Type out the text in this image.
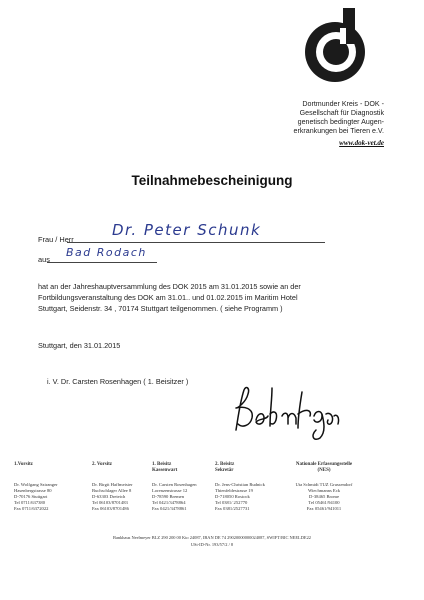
Dortmunder Kreis - DOK -
Gesellschaft für Diagnostik
genetisch bedingter Augen-
erkrankungen bei Tieren e.V.
www.dok-vet.de
Teilnahmebescheinigung
Frau / Herr
Dr. Peter Schunk
aus
Bad Rodach
hat an der Jahreshauptversammlung des DOK 2015 am 31.01.2015 sowie an der
Fortbildungsveranstaltung des DOK am 31.01.. und 01.02.2015 im Maritim Hotel
Stuttgart, Seidenstr. 34 , 70174 Stuttgart teilgenommen. ( siehe Programm )
Stuttgart, den 31.01.2015
i. V. Dr. Carsten Rosenhagen ( 1. Beisitzer )
1.Vorsitz
Dr. Wolfgang Sziranger
Hasenbergstrasse 80
D-70176 Stuttgart
Tel 0711/637380
Fax 0711/6372022
2. Vorsitz
Dr. Birgit Haffmeister
Buchschlager Allee 8
D-63303 Dreieich
Tel 06103/8701483
Fax 06103/8701486
1. Beisitz
Kassenwart
Dr. Carsten Rosenhagen
Lorenzenstrasse 12
D-78590 Bremen
Tel 0421/3478864
Fax 0421/3478861
2. Beisitz
Sekretär
Dr. Jens-Christian Rudnick
Thienfeldestrasse 19
D-718050 Rostock
Tel 0381/ 252770
Fax 0381/2527731
Nationale Erfassungsstelle
(NES)
Uta Schmidt TUZ Grussendorf
Wiechmanns Eck
D-38465 Brome
Tel 05461/94100
Fax 05461/941011
Bankhaus Neelmeyer BLZ 290 200 00 Kto 24087, IBAN DE 74 29020000000024087, SWIFT/BIC NEELDE22
USt-ID-Nr. 193/57/2 / 8
